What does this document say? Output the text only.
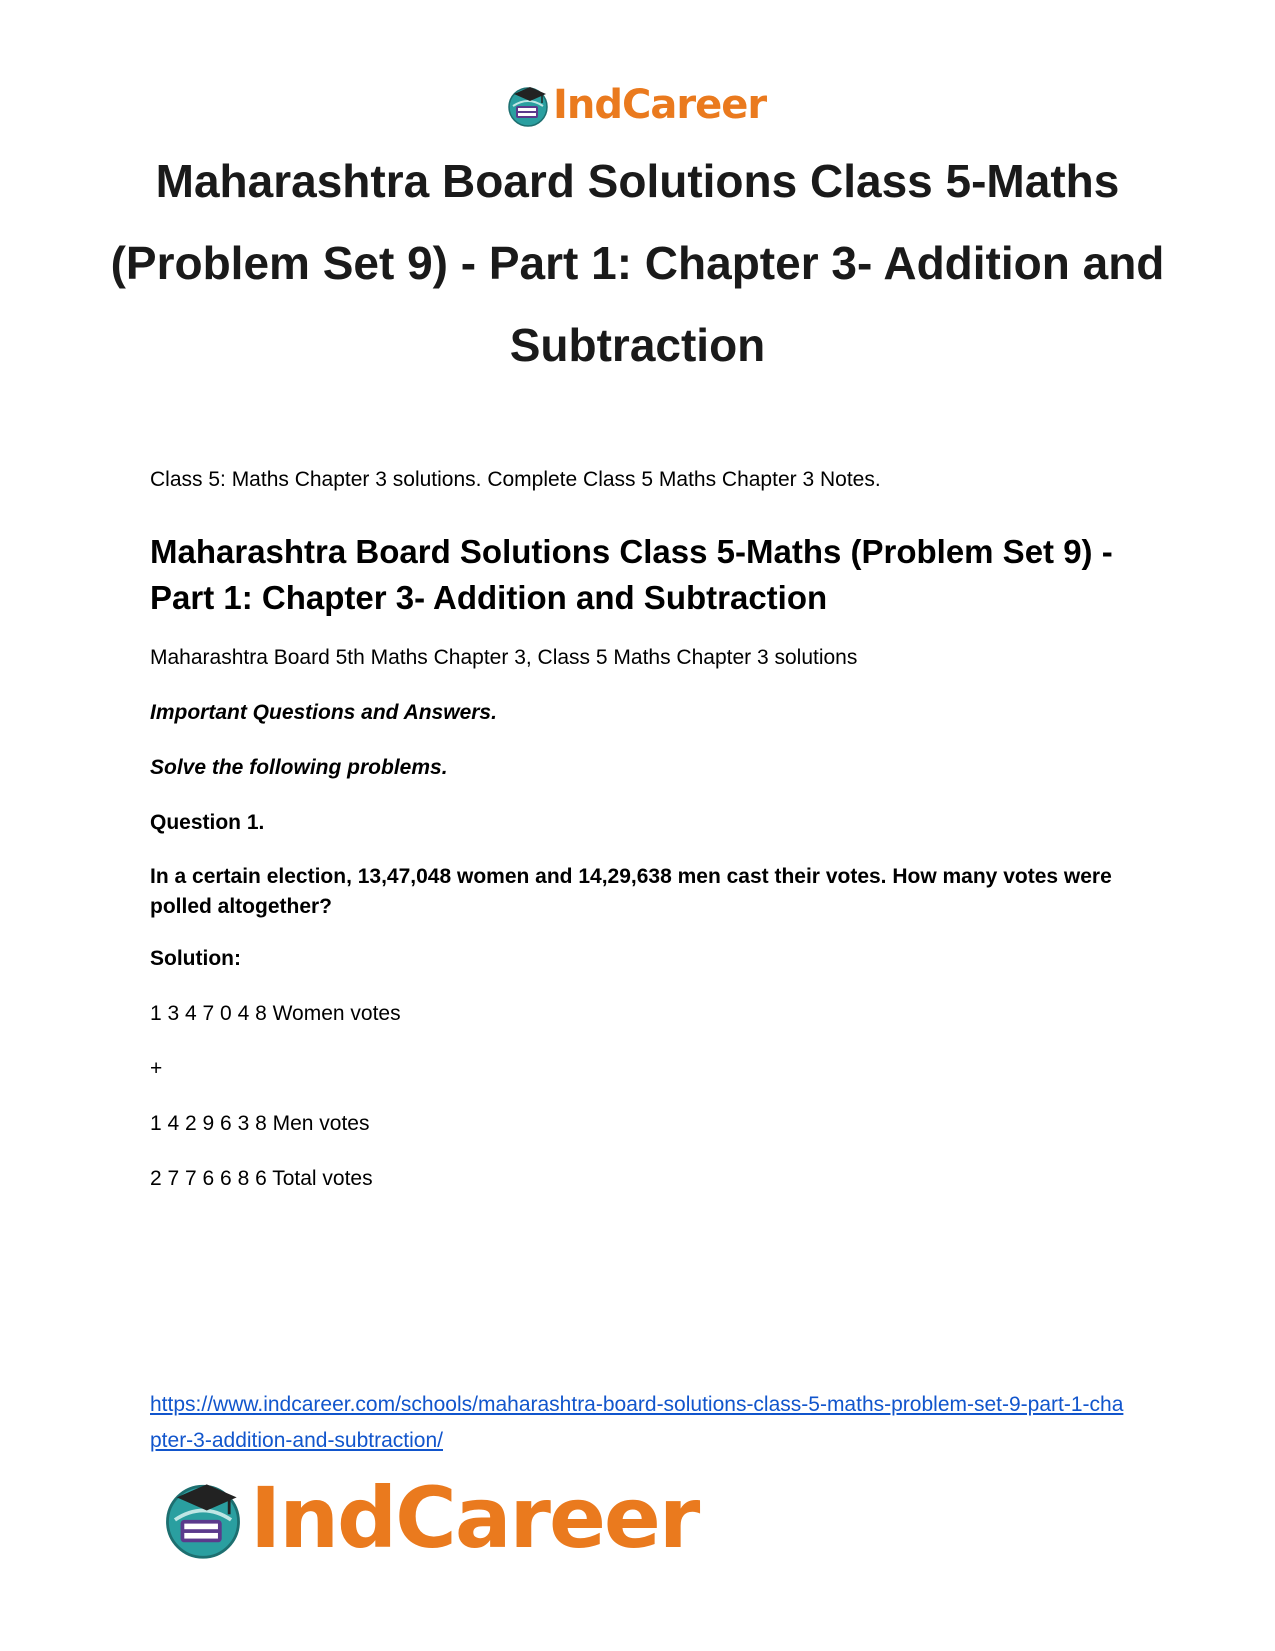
IndCareer
Maharashtra Board Solutions Class 5-Maths (Problem Set 9) - Part 1: Chapter 3- Addition and Subtraction

Class 5: Maths Chapter 3 solutions. Complete Class 5 Maths Chapter 3 Notes.

Maharashtra Board Solutions Class 5-Maths (Problem Set 9) - Part 1: Chapter 3- Addition and Subtraction

Maharashtra Board 5th Maths Chapter 3, Class 5 Maths Chapter 3 solutions

Important Questions and Answers.

Solve the following problems.

Question 1.

In a certain election, 13,47,048 women and 14,29,638 men cast their votes. How many votes were polled altogether?

Solution:

1 3 4 7 0 4 8 Women votes

+

1 4 2 9 6 3 8 Men votes

2 7 7 6 6 8 6 Total votes

https://www.indcareer.com/schools/maharashtra-board-solutions-class-5-maths-problem-set-9-part-1-chapter-3-addition-and-subtraction/
IndCareer
